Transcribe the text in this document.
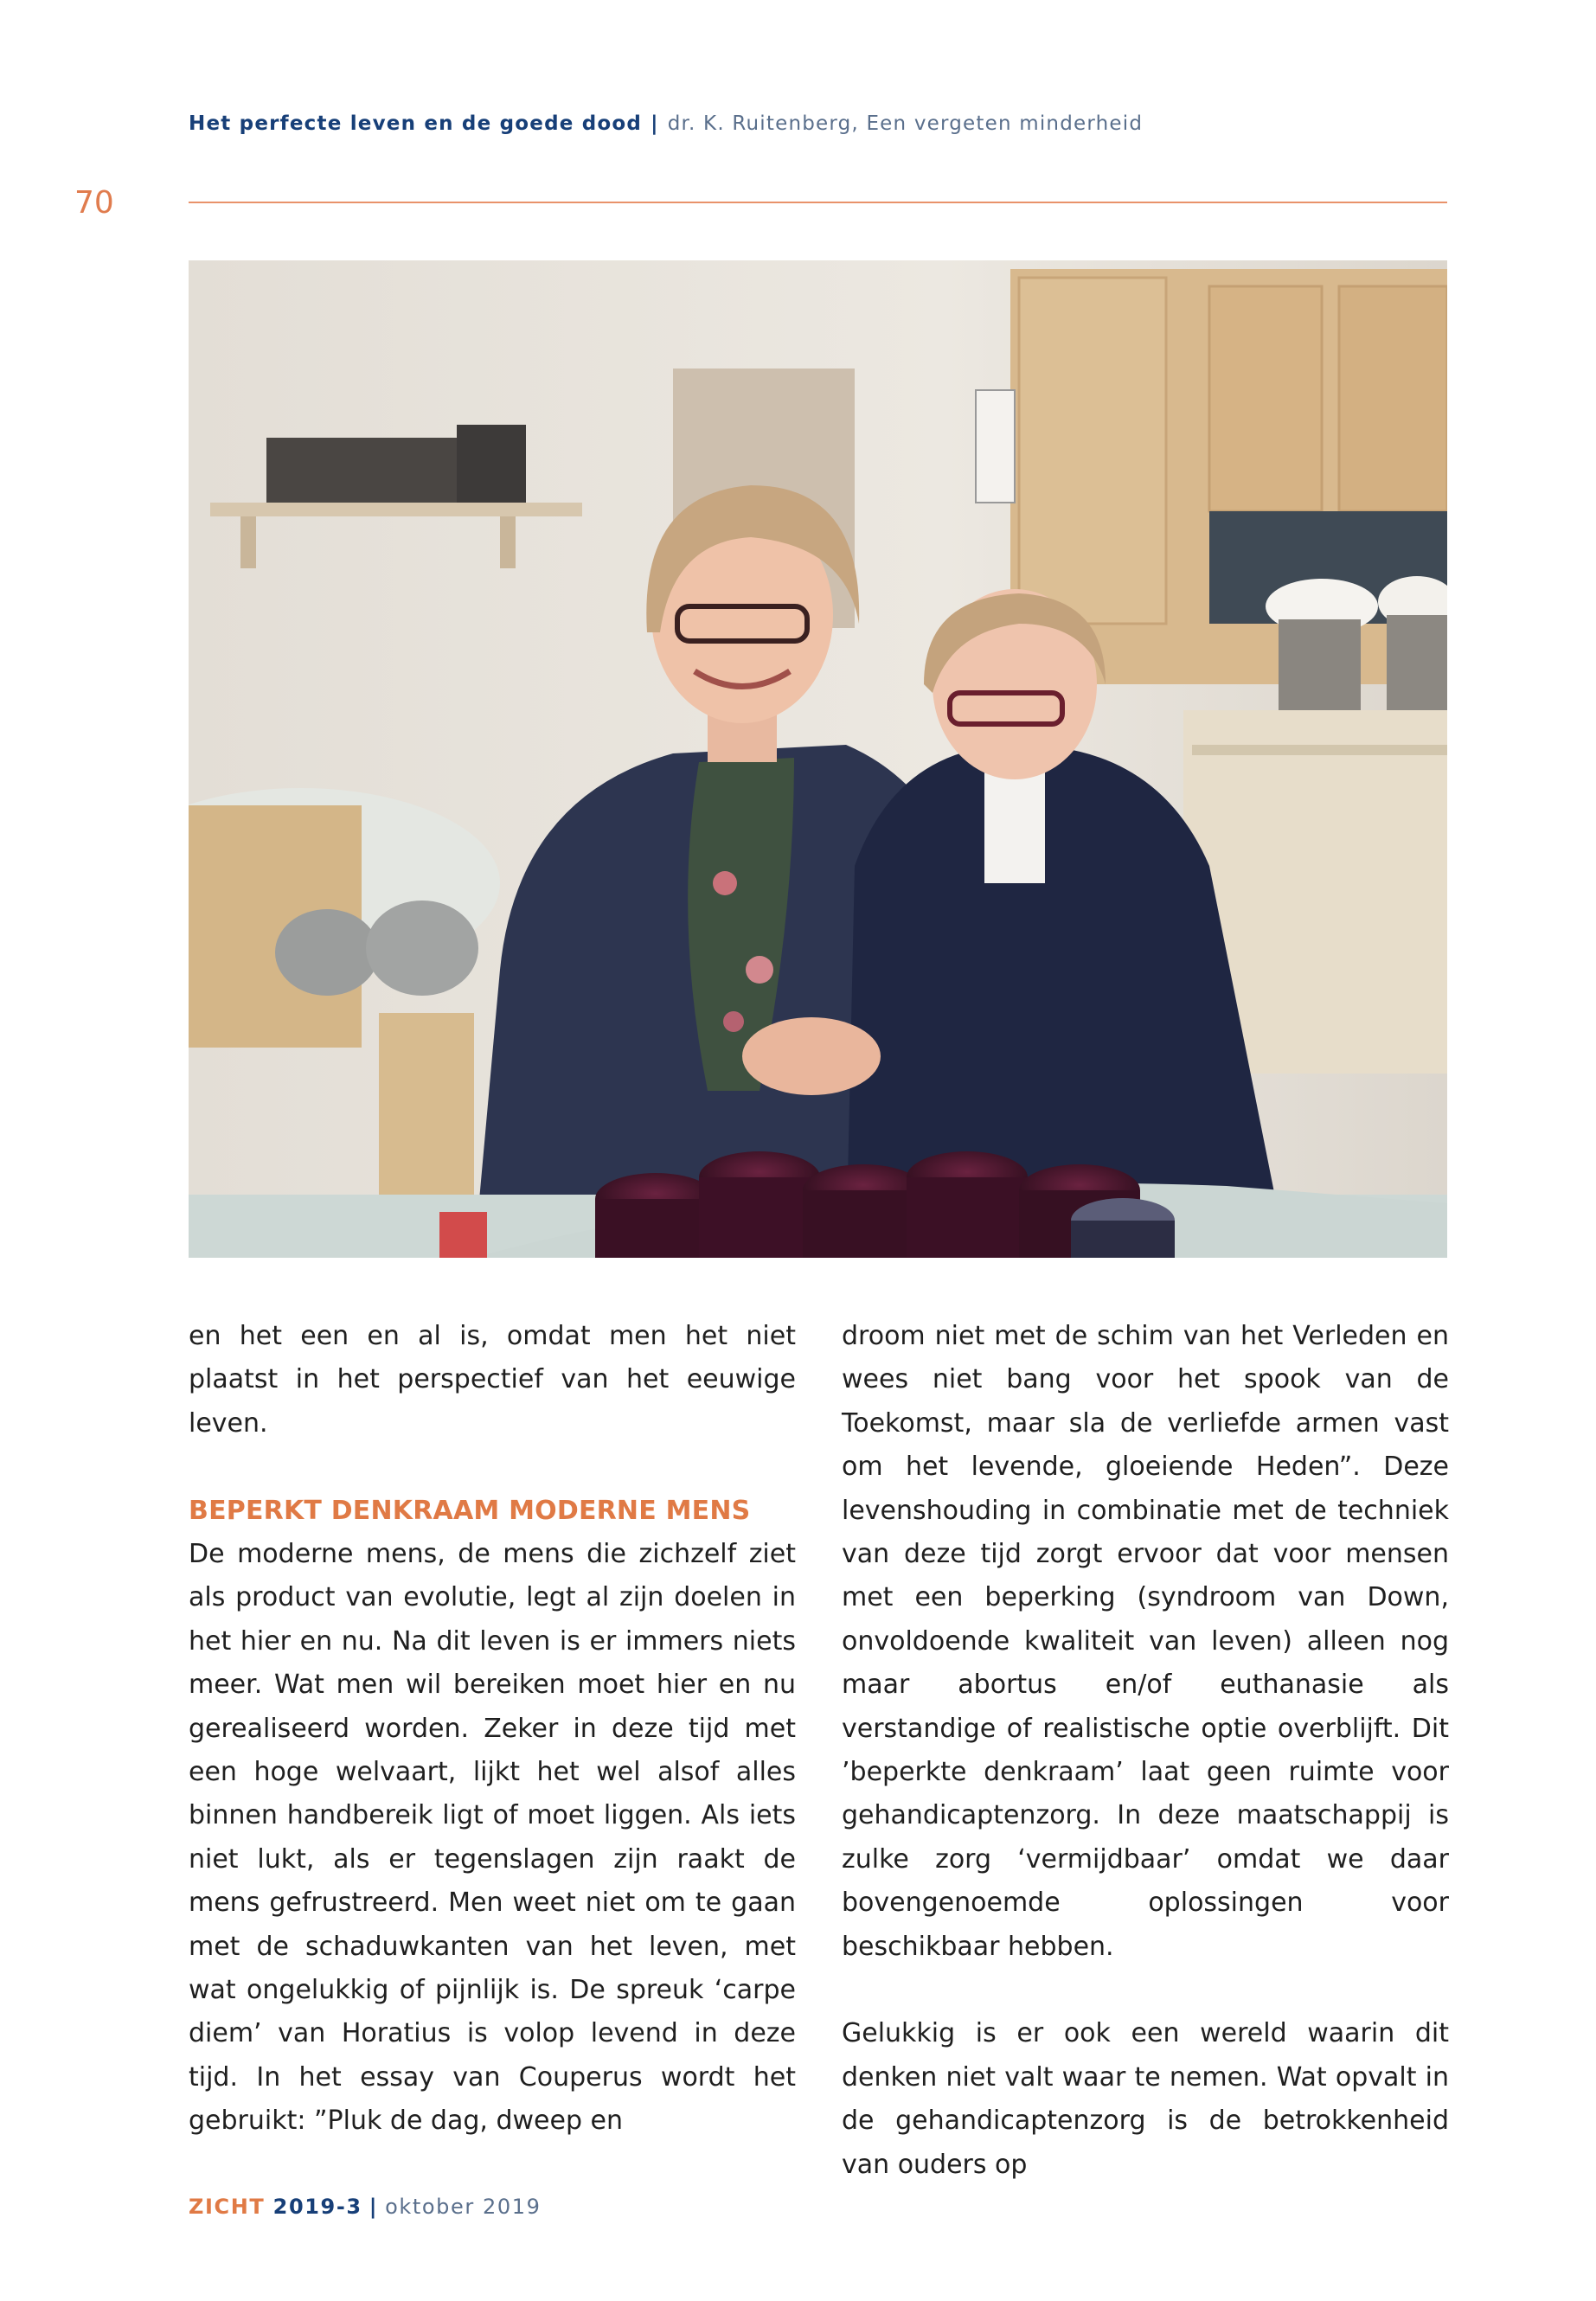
Het perfecte leven en de goede dood | dr. K. Ruitenberg, Een vergeten minderheid
70

en het een en al is, omdat men het niet plaatst in het perspectief van het eeuwige leven.

BEPERKT DENKRAAM MODERNE MENS

De moderne mens, de mens die zichzelf ziet als product van evolutie, legt al zijn doelen in het hier en nu. Na dit leven is er immers niets meer. Wat men wil bereiken moet hier en nu gerealiseerd worden. Zeker in deze tijd met een hoge welvaart, lijkt het wel alsof alles binnen handbereik ligt of moet liggen. Als iets niet lukt, als er tegenslagen zijn raakt de mens gefrustreerd. Men weet niet om te gaan met de schaduwkanten van het leven, met wat ongelukkig of pijnlijk is. De spreuk ‘carpe diem’ van Horatius is volop levend in deze tijd. In het essay van Couperus wordt het gebruikt: ”Pluk de dag, dweep en

droom niet met de schim van het Verleden en wees niet bang voor het spook van de Toekomst, maar sla de verliefde armen vast om het levende, gloeiende Heden”. Deze levenshouding in combinatie met de techniek van deze tijd zorgt ervoor dat voor mensen met een beperking (syndroom van Down, onvoldoende kwaliteit van leven) alleen nog maar abortus en/of euthanasie als verstandige of realistische optie overblijft. Dit ’beperkte denkraam’ laat geen ruimte voor gehandicaptenzorg. In deze maatschappij is zulke zorg ‘vermijdbaar’ omdat we daar bovengenoemde oplossingen voor beschikbaar hebben.

Gelukkig is er ook een wereld waarin dit denken niet valt waar te nemen. Wat opvalt in de gehandicaptenzorg is de betrokkenheid van ouders op

ZICHT 2019-3 | oktober 2019
